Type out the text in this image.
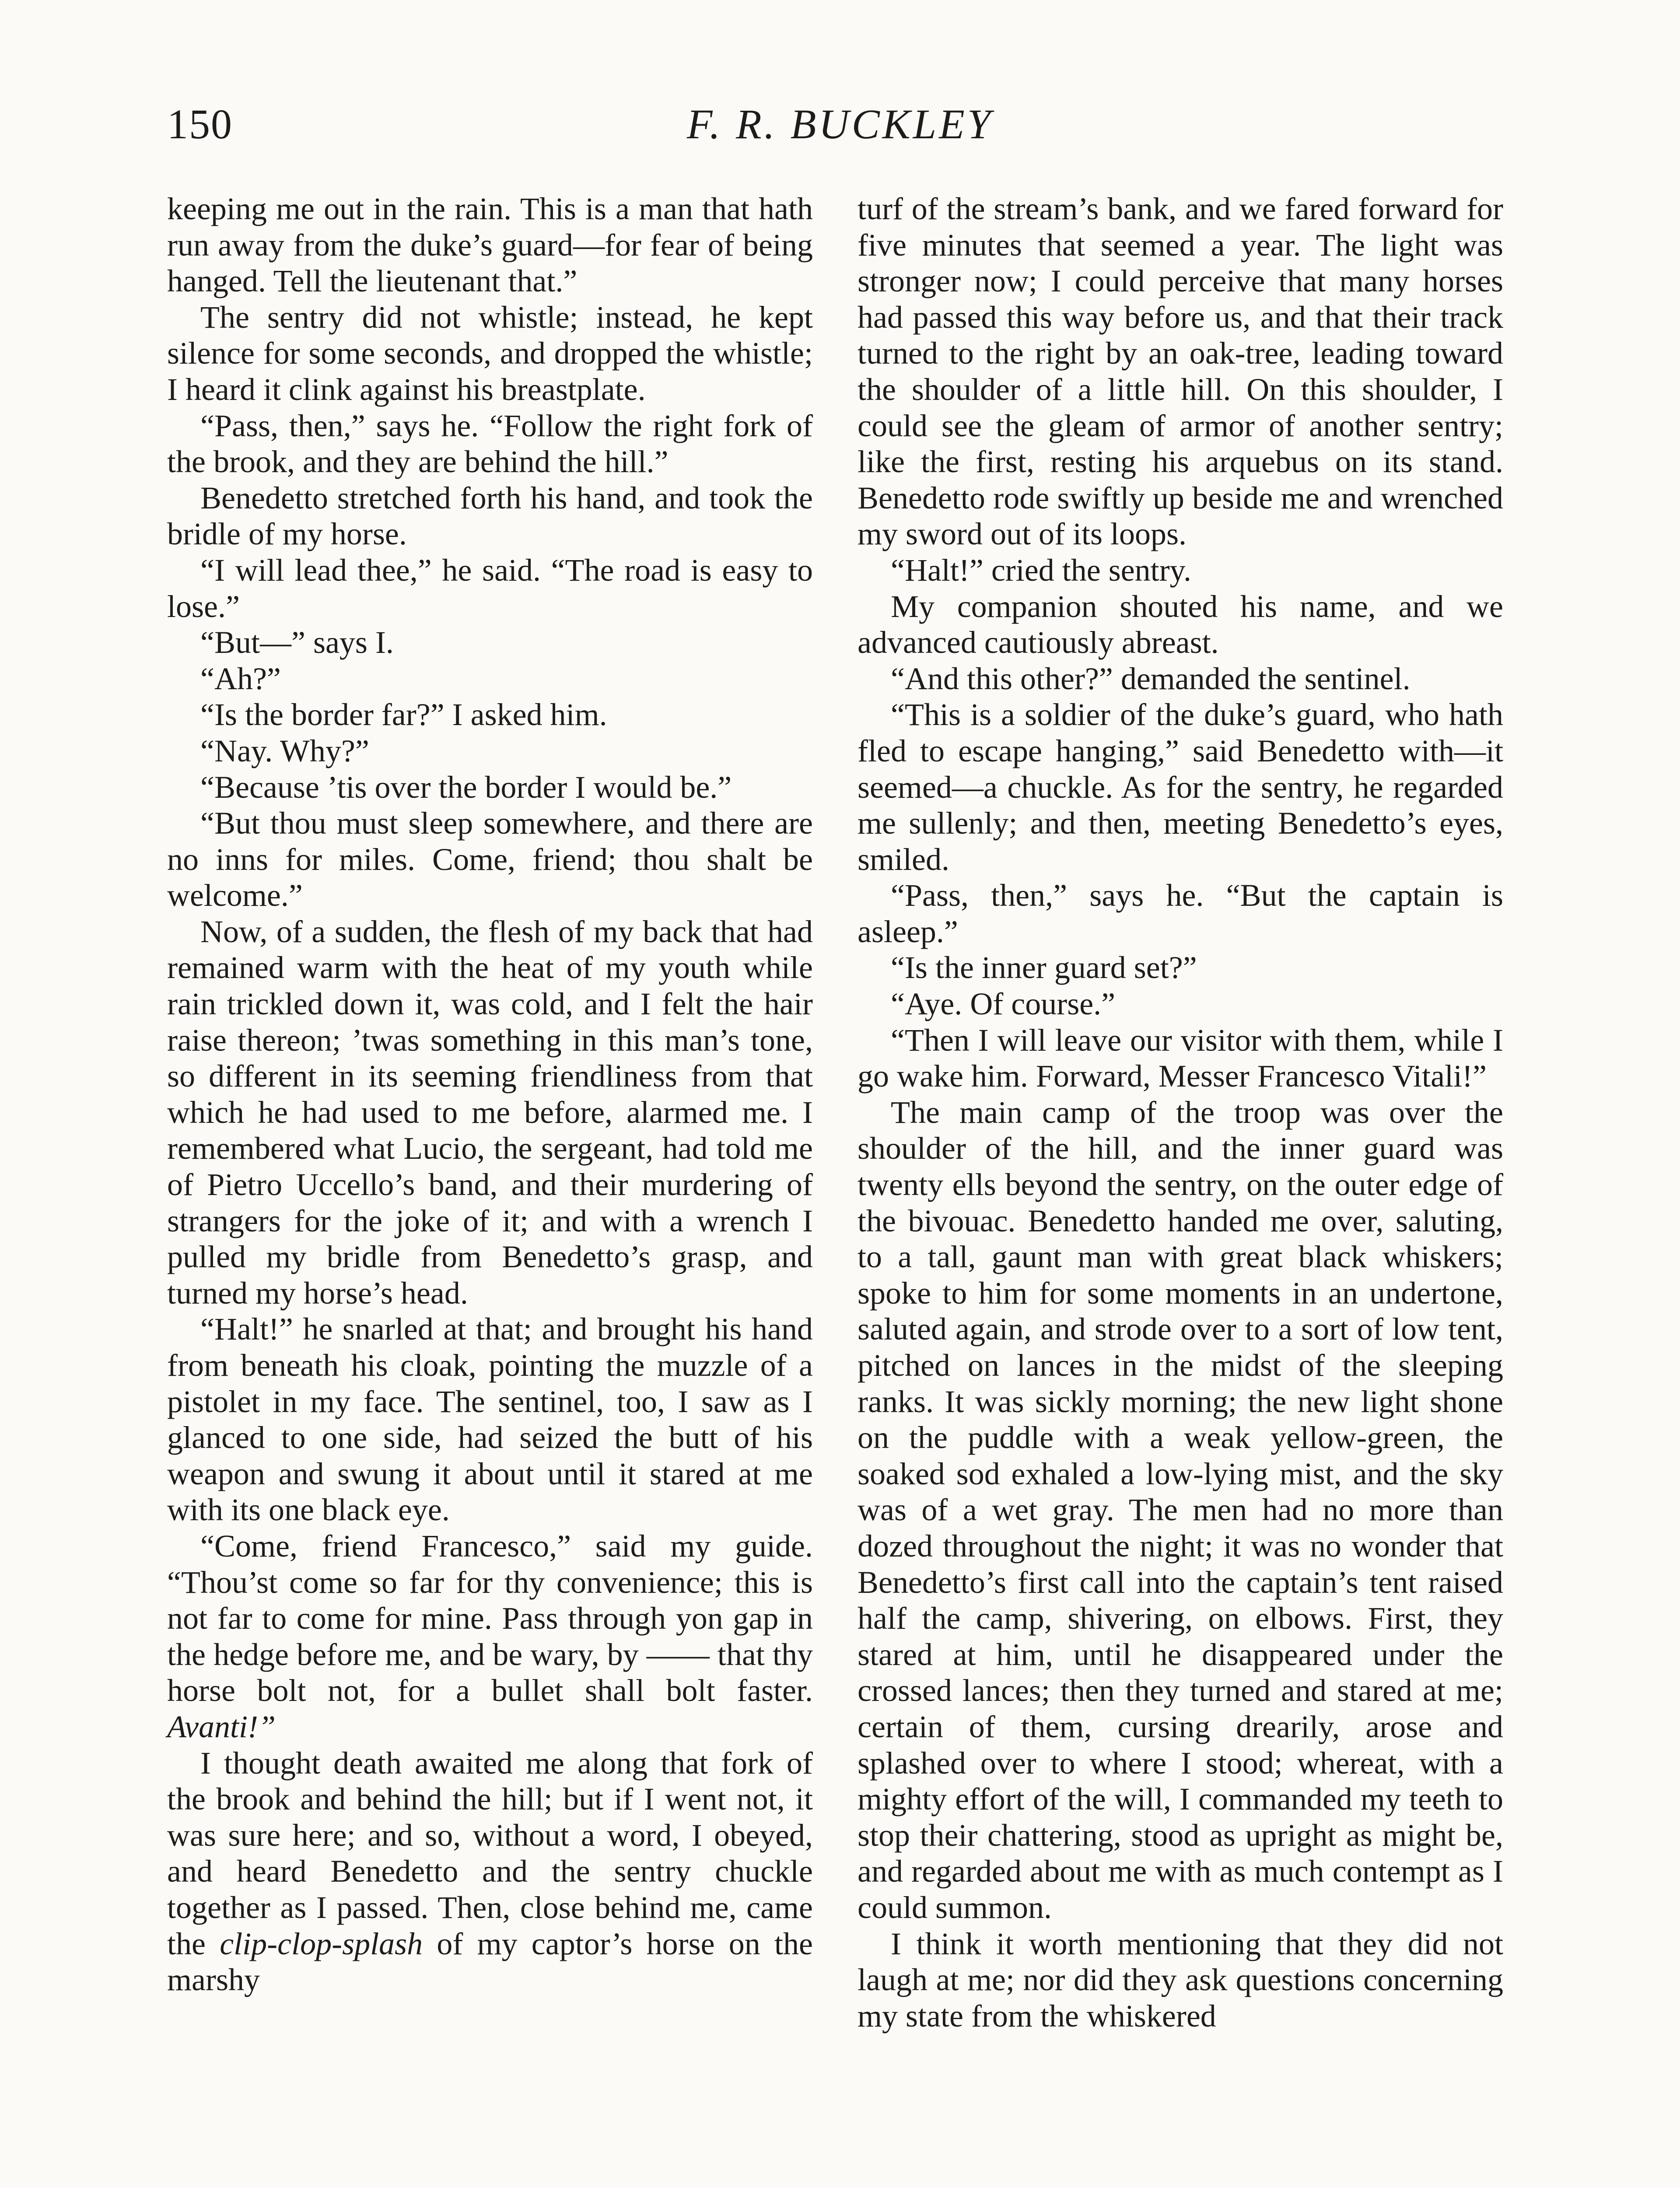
150	F. R. BUCKLEY

keeping me out in the rain. This is a man that hath run away from the duke’s guard—for fear of being hanged. Tell the lieutenant that.”

The sentry did not whistle; instead, he kept silence for some seconds, and dropped the whistle; I heard it clink against his breastplate.

“Pass, then,” says he. “Follow the right fork of the brook, and they are behind the hill.”

Benedetto stretched forth his hand, and took the bridle of my horse.

“I will lead thee,” he said. “The road is easy to lose.”

“But—” says I.

“Ah?”

“Is the border far?” I asked him.

“Nay. Why?”

“Because ’tis over the border I would be.”

“But thou must sleep somewhere, and there are no inns for miles. Come, friend; thou shalt be welcome.”

Now, of a sudden, the flesh of my back that had remained warm with the heat of my youth while rain trickled down it, was cold, and I felt the hair raise thereon; ’twas something in this man’s tone, so different in its seeming friendliness from that which he had used to me before, alarmed me. I remembered what Lucio, the sergeant, had told me of Pietro Uccello’s band, and their murdering of strangers for the joke of it; and with a wrench I pulled my bridle from Benedetto’s grasp, and turned my horse’s head.

“Halt!” he snarled at that; and brought his hand from beneath his cloak, pointing the muzzle of a pistolet in my face. The sentinel, too, I saw as I glanced to one side, had seized the butt of his weapon and swung it about until it stared at me with its one black eye.

“Come, friend Francesco,” said my guide. “Thou’st come so far for thy convenience; this is not far to come for mine. Pass through yon gap in the hedge before me, and be wary, by —— that thy horse bolt not, for a bullet shall bolt faster. Avanti!”

I thought death awaited me along that fork of the brook and behind the hill; but if I went not, it was sure here; and so, without a word, I obeyed, and heard Benedetto and the sentry chuckle together as I passed. Then, close behind me, came the clip-clop-splash of my captor’s horse on the marshy

turf of the stream’s bank, and we fared forward for five minutes that seemed a year. The light was stronger now; I could perceive that many horses had passed this way before us, and that their track turned to the right by an oak-tree, leading toward the shoulder of a little hill. On this shoulder, I could see the gleam of armor of another sentry; like the first, resting his arquebus on its stand. Benedetto rode swiftly up beside me and wrenched my sword out of its loops.

“Halt!” cried the sentry.

My companion shouted his name, and we advanced cautiously abreast.

“And this other?” demanded the sentinel.

“This is a soldier of the duke’s guard, who hath fled to escape hanging,” said Benedetto with—it seemed—a chuckle. As for the sentry, he regarded me sullenly; and then, meeting Benedetto’s eyes, smiled.

“Pass, then,” says he. “But the captain is asleep.”

“Is the inner guard set?”

“Aye. Of course.”

“Then I will leave our visitor with them, while I go wake him. Forward, Messer Francesco Vitali!”

The main camp of the troop was over the shoulder of the hill, and the inner guard was twenty ells beyond the sentry, on the outer edge of the bivouac. Benedetto handed me over, saluting, to a tall, gaunt man with great black whiskers; spoke to him for some moments in an undertone, saluted again, and strode over to a sort of low tent, pitched on lances in the midst of the sleeping ranks. It was sickly morning; the new light shone on the puddle with a weak yellow-green, the soaked sod exhaled a low-lying mist, and the sky was of a wet gray. The men had no more than dozed throughout the night; it was no wonder that Benedetto’s first call into the captain’s tent raised half the camp, shivering, on elbows. First, they stared at him, until he disappeared under the crossed lances; then they turned and stared at me; certain of them, cursing drearily, arose and splashed over to where I stood; whereat, with a mighty effort of the will, I commanded my teeth to stop their chattering, stood as upright as might be, and regarded about me with as much contempt as I could summon.

I think it worth mentioning that they did not laugh at me; nor did they ask questions concerning my state from the whiskered
